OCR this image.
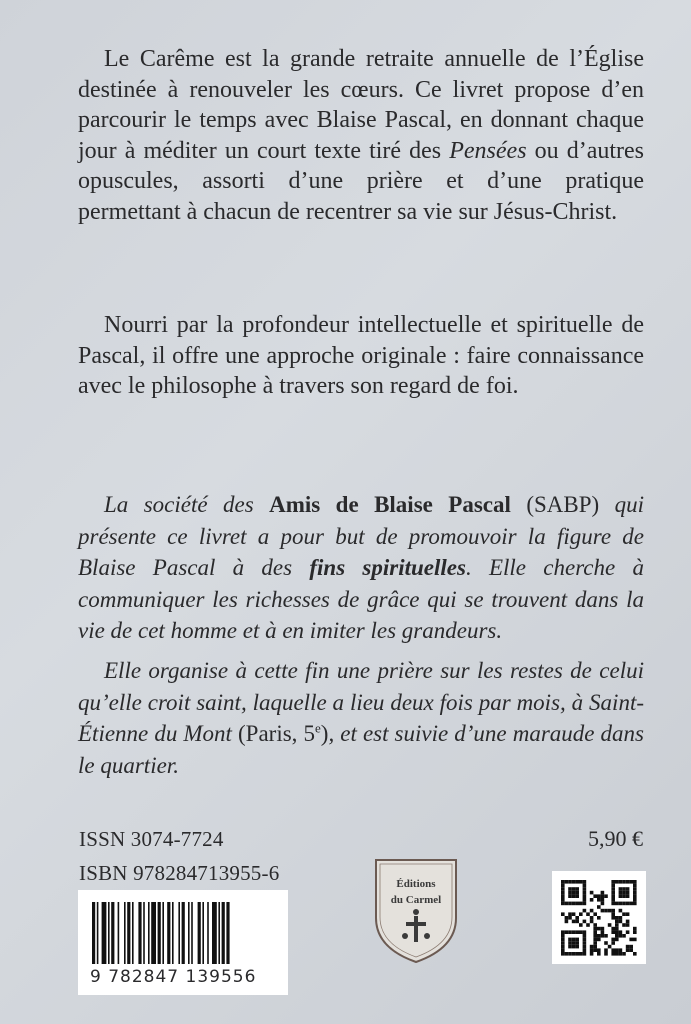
Le Carême est la grande retraite annuelle de l’Église destinée à renouveler les cœurs. Ce livret propose d’en parcourir le temps avec Blaise Pascal, en donnant chaque jour à méditer un court texte tiré des Pensées ou d’autres opuscules, assorti d’une prière et d’une pratique permettant à chacun de recentrer sa vie sur Jésus-Christ.

Nourri par la profondeur intellectuelle et spirituelle de Pascal, il offre une approche originale : faire connaissance avec le philosophe à travers son regard de foi.

La société des Amis de Blaise Pascal (SABP) qui présente ce livret a pour but de promouvoir la figure de Blaise Pascal à des fins spirituelles. Elle cherche à communiquer les richesses de grâce qui se trouvent dans la vie de cet homme et à en imiter les grandeurs.

Elle organise à cette fin une prière sur les restes de celui qu’elle croit saint, laquelle a lieu deux fois par mois, à Saint-Étienne du Mont (Paris, 5e), et est suivie d’une maraude dans le quartier.

ISSN 3074-7724
ISBN 978284713955-6
5,90 €
9 782847 139556
Éditions
du Carmel
